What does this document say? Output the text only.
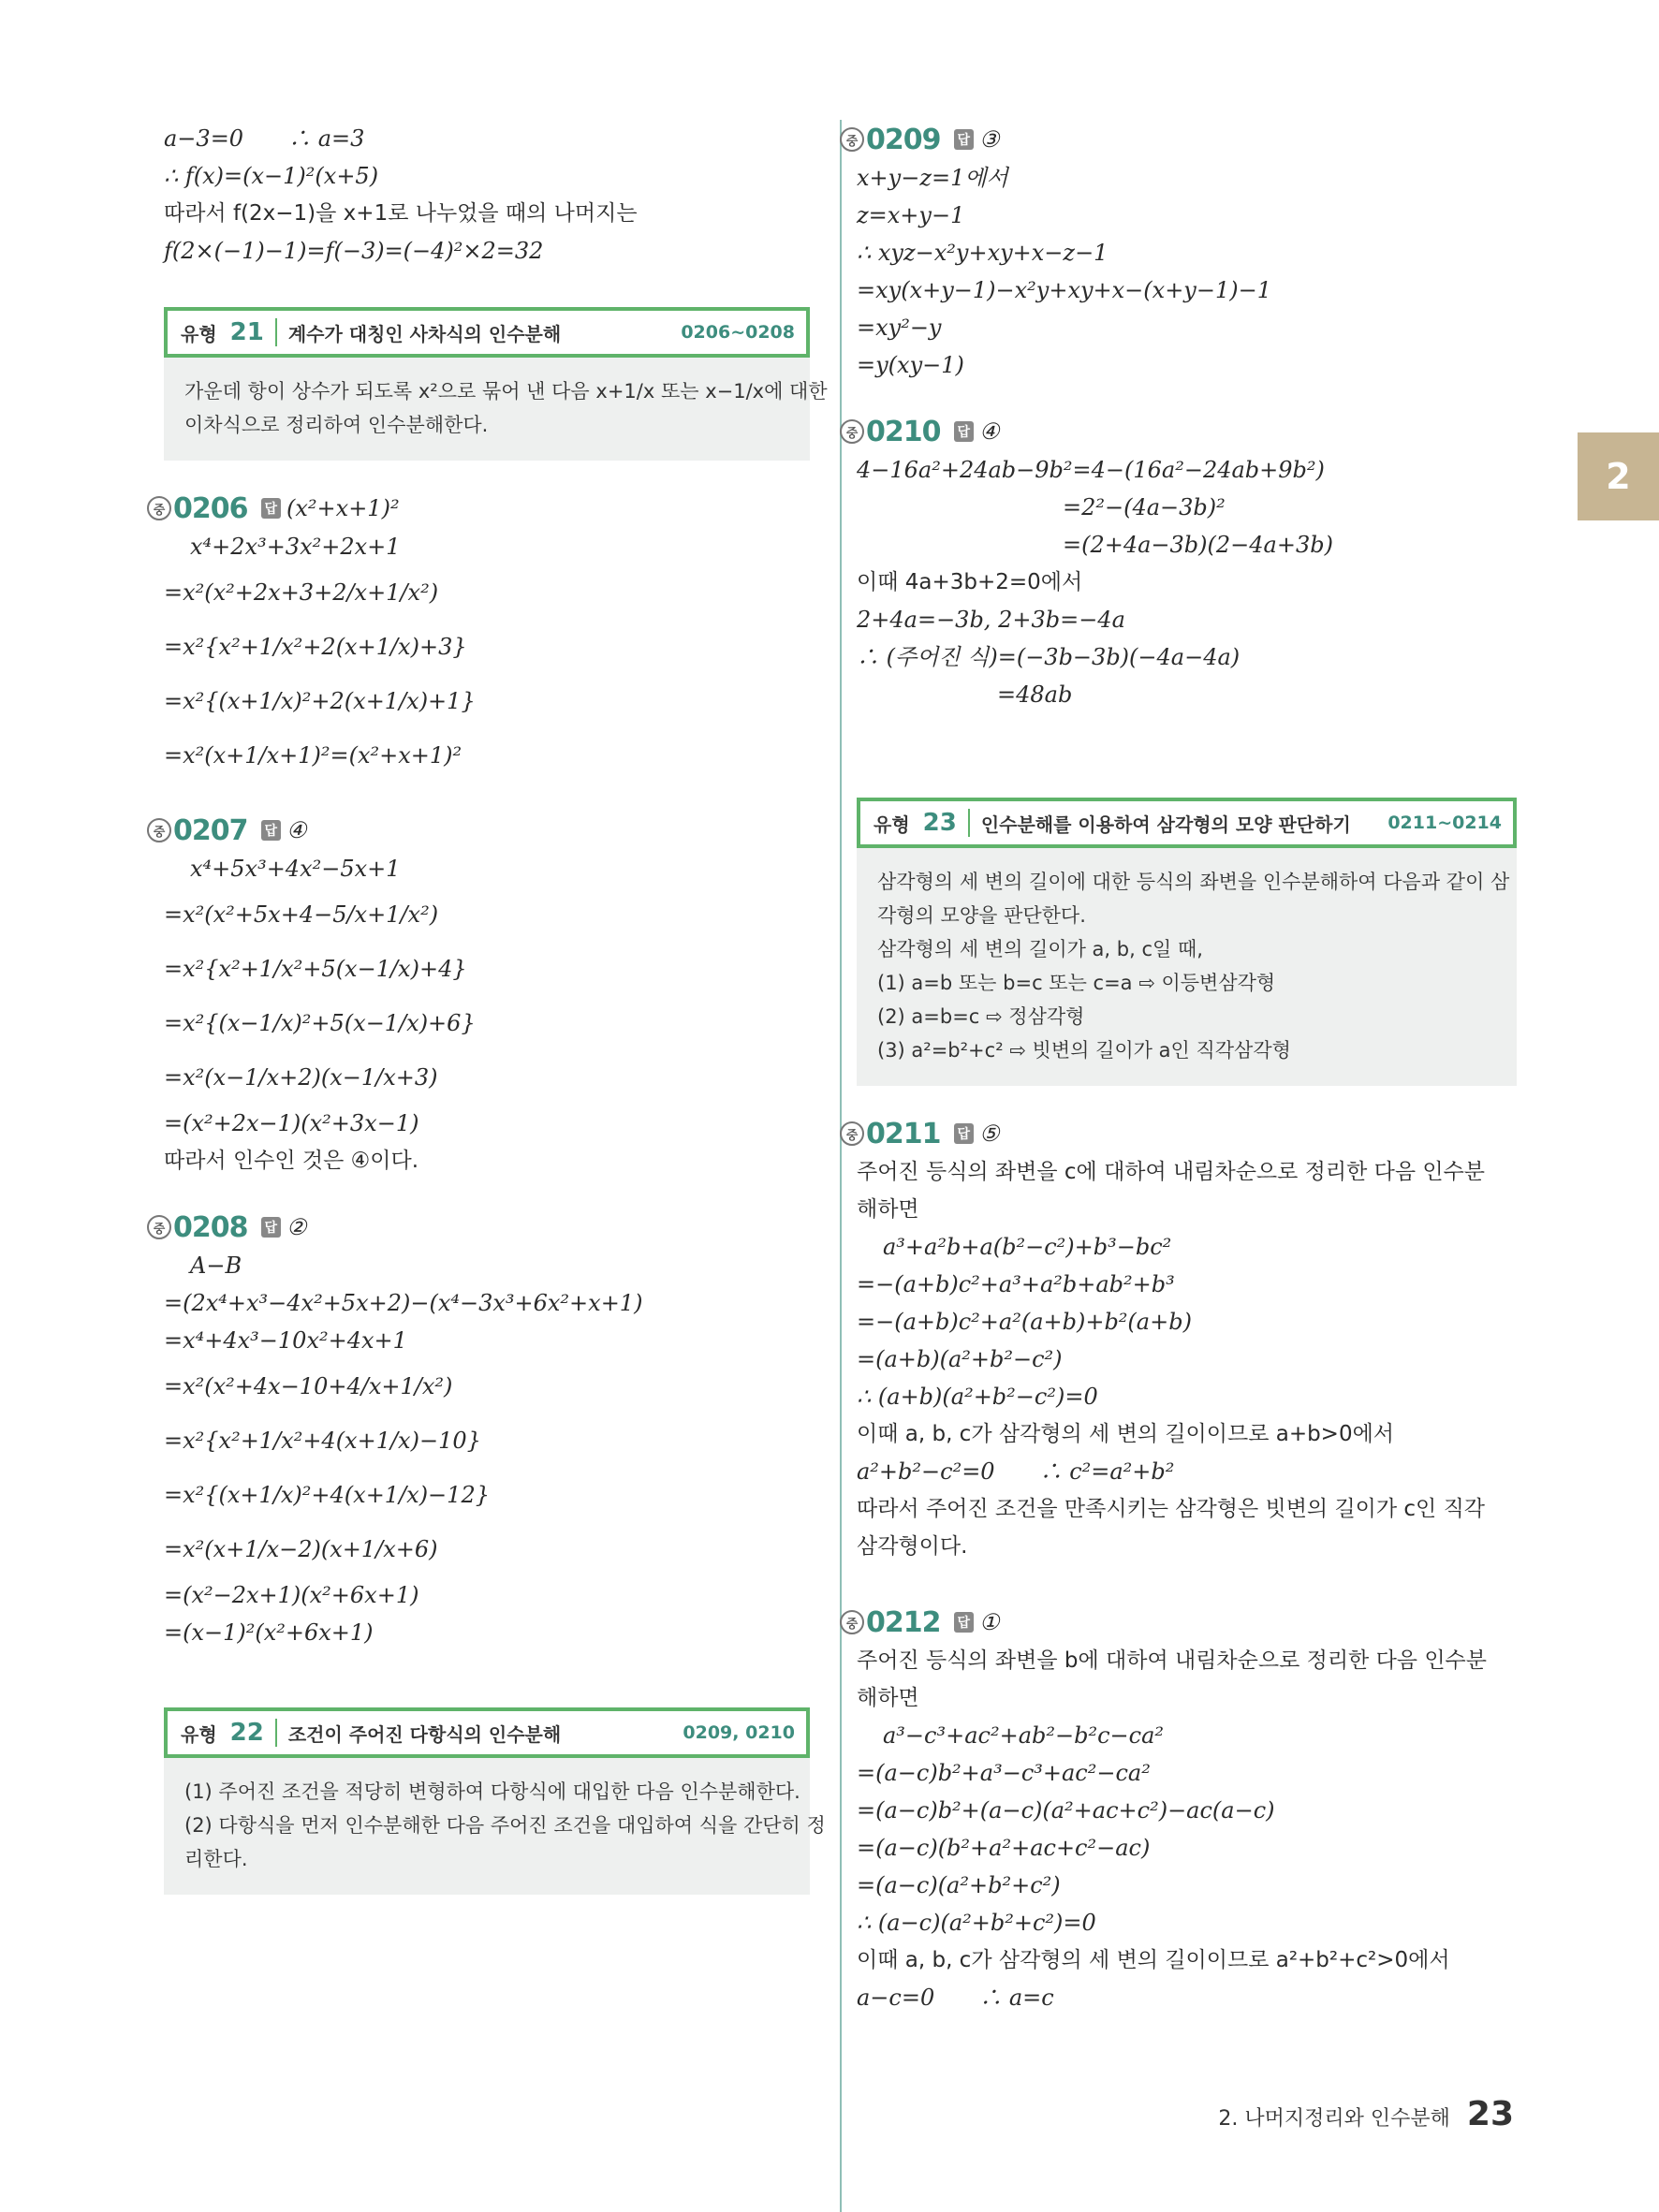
a−3=0　　∴ a=3
∴ f(x)=(x−1)²(x+5)
따라서 f(2x−1)을 x+1로 나누었을 때의 나머지는
f(2×(−1)−1)=f(−3)=(−4)²×2=32
유형 21 계수가 대칭인 사차식의 인수분해	0206~0208
가운데 항이 상수가 되도록 x²으로 묶어 낸 다음 x+1/x 또는 x−1/x에 대한
이차식으로 정리하여 인수분해한다.
중 0206 답 (x²+x+1)²
x⁴+2x³+3x²+2x+1
=x²(x²+2x+3+2/x+1/x²)
=x²{x²+1/x²+2(x+1/x)+3}
=x²{(x+1/x)²+2(x+1/x)+1}
=x²(x+1/x+1)²=(x²+x+1)²
중 0207 답 ④
x⁴+5x³+4x²−5x+1
=x²(x²+5x+4−5/x+1/x²)
=x²{x²+1/x²+5(x−1/x)+4}
=x²{(x−1/x)²+5(x−1/x)+6}
=x²(x−1/x+2)(x−1/x+3)
=(x²+2x−1)(x²+3x−1)
따라서 인수인 것은 ④이다.
중 0208 답 ②
A−B
=(2x⁴+x³−4x²+5x+2)−(x⁴−3x³+6x²+x+1)
=x⁴+4x³−10x²+4x+1
=x²(x²+4x−10+4/x+1/x²)
=x²{x²+1/x²+4(x+1/x)−10}
=x²{(x+1/x)²+4(x+1/x)−12}
=x²(x+1/x−2)(x+1/x+6)
=(x²−2x+1)(x²+6x+1)
=(x−1)²(x²+6x+1)
유형 22 조건이 주어진 다항식의 인수분해	0209, 0210
(1) 주어진 조건을 적당히 변형하여 다항식에 대입한 다음 인수분해한다.
(2) 다항식을 먼저 인수분해한 다음 주어진 조건을 대입하여 식을 간단히 정
리한다.
중 0209 답 ③
x+y−z=1에서
z=x+y−1
∴ xyz−x²y+xy+x−z−1
=xy(x+y−1)−x²y+xy+x−(x+y−1)−1
=xy²−y
=y(xy−1)
중 0210 답 ④
4−16a²+24ab−9b²=4−(16a²−24ab+9b²)
=2²−(4a−3b)²
=(2+4a−3b)(2−4a+3b)
이때 4a+3b+2=0에서
2+4a=−3b, 2+3b=−4a
∴ (주어진 식)=(−3b−3b)(−4a−4a)
=48ab
유형 23 인수분해를 이용하여 삼각형의 모양 판단하기	0211~0214
삼각형의 세 변의 길이에 대한 등식의 좌변을 인수분해하여 다음과 같이 삼
각형의 모양을 판단한다.
삼각형의 세 변의 길이가 a, b, c일 때,
(1) a=b 또는 b=c 또는 c=a ⇨ 이등변삼각형
(2) a=b=c ⇨ 정삼각형
(3) a²=b²+c² ⇨ 빗변의 길이가 a인 직각삼각형
중 0211 답 ⑤
주어진 등식의 좌변을 c에 대하여 내림차순으로 정리한 다음 인수분
해하면
a³+a²b+a(b²−c²)+b³−bc²
=−(a+b)c²+a³+a²b+ab²+b³
=−(a+b)c²+a²(a+b)+b²(a+b)
=(a+b)(a²+b²−c²)
∴ (a+b)(a²+b²−c²)=0
이때 a, b, c가 삼각형의 세 변의 길이이므로 a+b>0에서
a²+b²−c²=0　　∴ c²=a²+b²
따라서 주어진 조건을 만족시키는 삼각형은 빗변의 길이가 c인 직각
삼각형이다.
중 0212 답 ①
주어진 등식의 좌변을 b에 대하여 내림차순으로 정리한 다음 인수분
해하면
a³−c³+ac²+ab²−b²c−ca²
=(a−c)b²+a³−c³+ac²−ca²
=(a−c)b²+(a−c)(a²+ac+c²)−ac(a−c)
=(a−c)(b²+a²+ac+c²−ac)
=(a−c)(a²+b²+c²)
∴ (a−c)(a²+b²+c²)=0
이때 a, b, c가 삼각형의 세 변의 길이이므로 a²+b²+c²>0에서
a−c=0　　∴ a=c
2
2. 나머지정리와 인수분해 23
